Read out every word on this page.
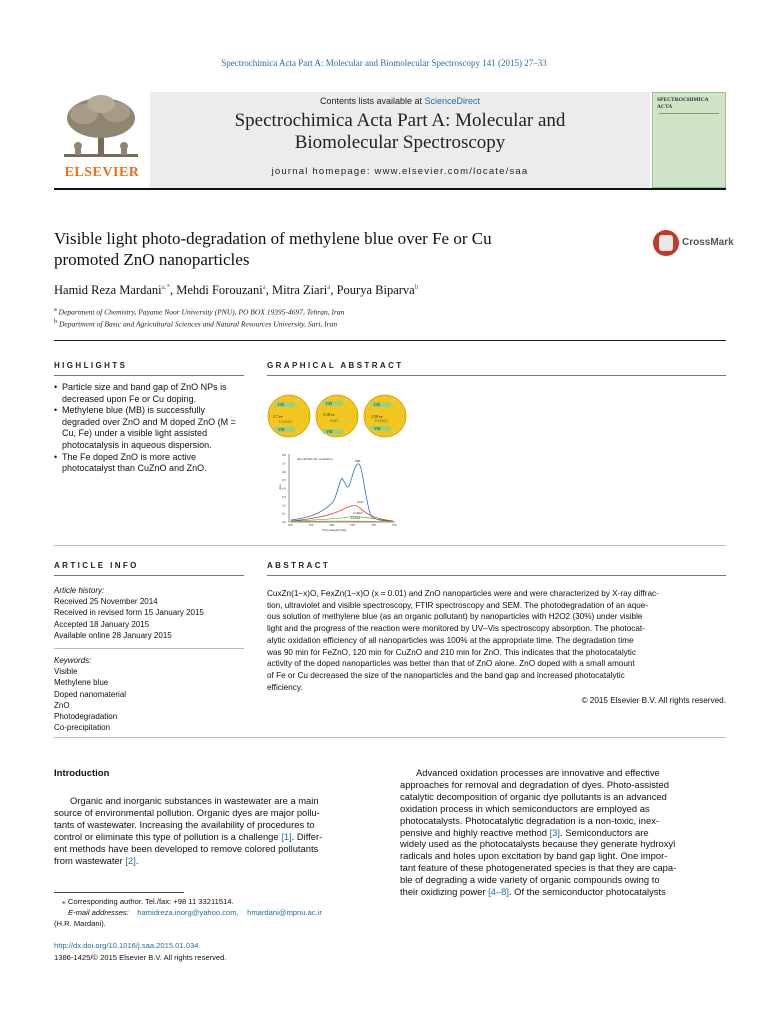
Spectrochimica Acta Part A: Molecular and Biomolecular Spectroscopy 141 (2015) 27–33
ELSEVIER
Contents lists available at ScienceDirect
Spectrochimica Acta Part A: Molecular and
Biomolecular Spectroscopy
journal homepage: www.elsevier.com/locate/saa
SPECTROCHIMICA ACTA
Visible light photo-degradation of methylene blue over Fe or Cu
promoted ZnO nanoparticles
CrossMark
Hamid Reza Mardani$^{a,*}$, Mehdi Forouzani$^a$, Mitra Ziari$^a$, Pourya Biparva$^b$
$^a$ Department of Chemistry, Payame Noor University (PNU), PO BOX 19395-4697, Tehran, Iran
$^b$ Department of Basic and Agricultural Sciences and Natural Resources University, Sari, Iran
HIGHLIGHTS
• Particle size and band gap of ZnO NPs is decreased upon Fe or Cu doping.
• Methylene blue (MB) is successfully degraded over ZnO and M doped ZnO (M = Cu, Fe) under a visible light assisted photocatalysis in aqueous dispersion.
• The Fe doped ZnO is more active photocatalyst than CuZnO and ZnO.
GRAPHICAL ABSTRACT
CB
VB
CB
VB
CB
VB
2.7 ev	3.18 ev	2.59 ev
CuZnO	ZnO	FeZnO
after 90 min Vis. irradiation
Wavelength (nm)
Abs
500	550	600	650	700	750
0.8
0.7
0.6
0.5
0.4
0.3
0.2
0.1
0.0
MB
ZnO
CuZnO
FeZnO
ARTICLE INFO
Article history:
Received 25 November 2014
Received in revised form 15 January 2015
Accepted 18 January 2015
Available online 28 January 2015
Keywords:
Visible
Methylene blue
Doped nanomaterial
ZnO
Photodegradation
Co-precipitation
ABSTRACT
CuxZn(1−x)O, FexZn(1−x)O (x = 0.01) and ZnO nanoparticles were and were characterized by X-ray diffrac-
tion, ultraviolet and visible spectroscopy, FTIR spectroscopy and SEM. The photodegradation of an aque-
ous solution of methylene blue (as an organic pollutant) by nanoparticles with H2O2 (30%) under visible
light and the progress of the reaction were monitored by UV–Vis spectroscopy absorption. The photocat-
alytic oxidation efficiency of all nanoparticles was 100% at the appropriate time. The degradation time
was 90 min for FeZnO, 120 min for CuZnO and 210 min for ZnO. This indicates that the photocatalytic
activity of the doped nanoparticles was better than that of ZnO alone. ZnO doped with a small amount
of Fe or Cu decreased the size of the nanoparticles and the band gap and increased photocatalytic
efficiency.
© 2015 Elsevier B.V. All rights reserved.
Introduction
Organic and inorganic substances in wastewater are a main
source of environmental pollution. Organic dyes are major pollu-
tants of wastewater. Increasing the availability of procedures to
control or eliminate this type of pollution is a challenge [1]. Differ-
ent methods have been developed to remove colored pollutants
from wastewater [2].
Advanced oxidation processes are innovative and effective
approaches for removal and degradation of dyes. Photo-assisted
catalytic decomposition of organic dye pollutants is an advanced
oxidation process in which semiconductors are employed as
photocatalysts. Photocatalytic degradation is a non-toxic, inex-
pensive and highly reactive method [3]. Semiconductors are
widely used as the photocatalysts because they generate hydroxyl
radicals and holes upon excitation by band gap light. One impor-
tant feature of these photogenerated species is that they are capa-
ble of degrading a wide variety of organic compounds owing to
their oxidizing power [4–8]. Of the semiconductor photocatalysts
⁎ Corresponding author. Tel./fax: +98 11 33211514.
E-mail addresses: hamidreza.inorg@yahoo.com, hmardani@mpnu.ac.ir
(H.R. Mardani).
http://dx.doi.org/10.1016/j.saa.2015.01.034
1386-1425/© 2015 Elsevier B.V. All rights reserved.
